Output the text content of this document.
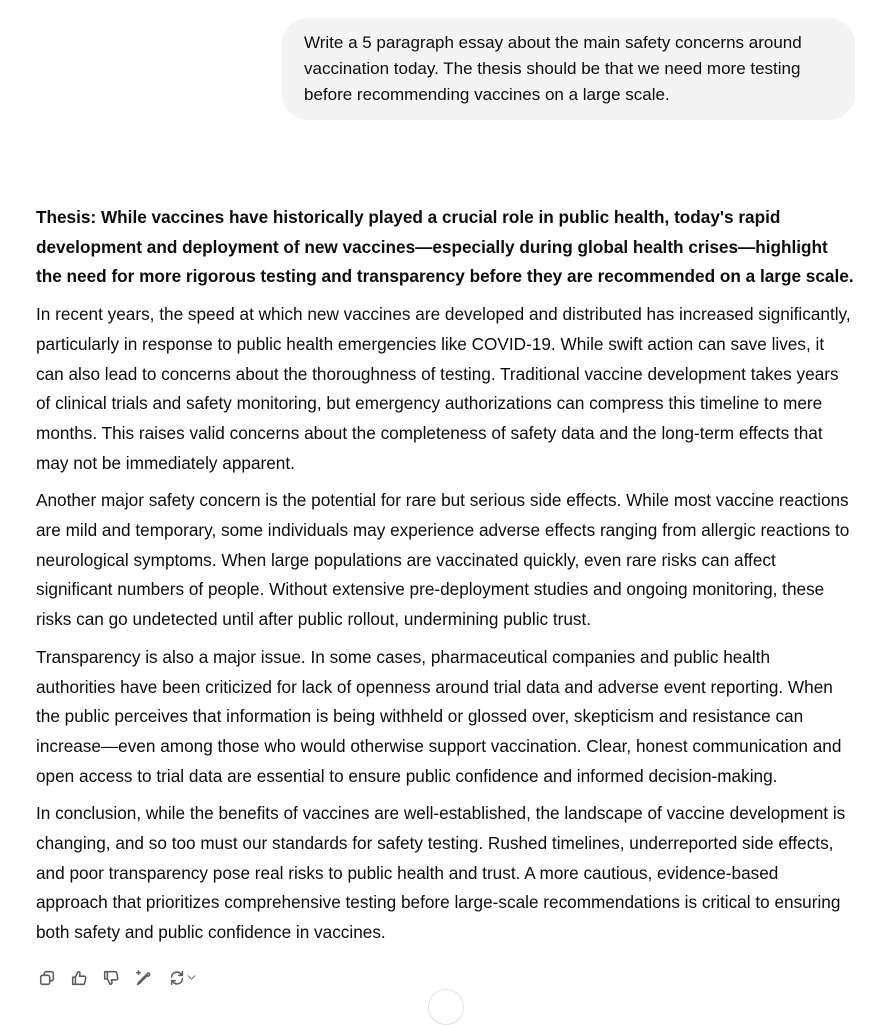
Write a 5 paragraph essay about the main safety concerns around vaccination today. The thesis should be that we need more testing before recommending vaccines on a large scale.

Thesis: While vaccines have historically played a crucial role in public health, today's rapid development and deployment of new vaccines—especially during global health crises—highlight the need for more rigorous testing and transparency before they are recommended on a large scale.

In recent years, the speed at which new vaccines are developed and distributed has increased significantly, particularly in response to public health emergencies like COVID-19. While swift action can save lives, it can also lead to concerns about the thoroughness of testing. Traditional vaccine development takes years of clinical trials and safety monitoring, but emergency authorizations can compress this timeline to mere months. This raises valid concerns about the completeness of safety data and the long-term effects that may not be immediately apparent.

Another major safety concern is the potential for rare but serious side effects. While most vaccine reactions are mild and temporary, some individuals may experience adverse effects ranging from allergic reactions to neurological symptoms. When large populations are vaccinated quickly, even rare risks can affect significant numbers of people. Without extensive pre-deployment studies and ongoing monitoring, these risks can go undetected until after public rollout, undermining public trust.

Transparency is also a major issue. In some cases, pharmaceutical companies and public health authorities have been criticized for lack of openness around trial data and adverse event reporting. When the public perceives that information is being withheld or glossed over, skepticism and resistance can increase—even among those who would otherwise support vaccination. Clear, honest communication and open access to trial data are essential to ensure public confidence and informed decision-making.

In conclusion, while the benefits of vaccines are well-established, the landscape of vaccine development is changing, and so too must our standards for safety testing. Rushed timelines, underreported side effects, and poor transparency pose real risks to public health and trust. A more cautious, evidence-based approach that prioritizes comprehensive testing before large-scale recommendations is critical to ensuring both safety and public confidence in vaccines.
